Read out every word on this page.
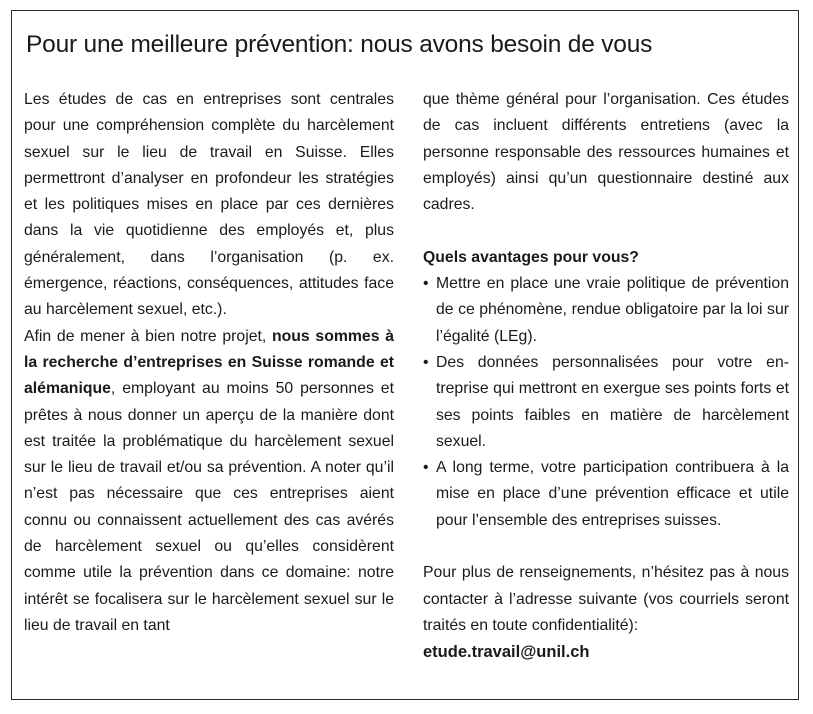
Pour une meilleure prévention: nous avons besoin de vous

Les études de cas en entreprises sont centrales pour une compréhension complète du harcèlement sexuel sur le lieu de travail en Suisse. Elles permettront d’analyser en profondeur les stratégies et les politiques mises en place par ces dernières dans la vie quotidienne des employés et, plus généralement, dans l’organisation (p. ex. émergence, réactions, conséquences, attitudes face au harcèlement sexuel, etc.).

Afin de mener à bien notre projet, nous sommes à la recherche d’entreprises en Suisse romande et alémanique, employant au moins 50 personnes et prêtes à nous donner un aperçu de la manière dont est traitée la problématique du harcèlement sexuel sur le lieu de travail et/ou sa prévention. A noter qu’il n’est pas nécessaire que ces entreprises aient connu ou connaissent actuellement des cas avérés de harcèlement sexuel ou qu’elles considèrent comme utile la prévention dans ce domaine: notre intérêt se focalisera sur le harcèlement sexuel sur le lieu de travail en tant

que thème général pour l’organisation. Ces études de cas incluent différents entretiens (avec la personne responsable des ressources humaines et employés) ainsi qu’un questionnaire destiné aux cadres.

Quels avantages pour vous?

• Mettre en place une vraie politique de prévention de ce phénomène, rendue obligatoire par la loi sur l’égalité (LEg).
• Des données personnalisées pour votre entreprise qui mettront en exergue ses points forts et ses points faibles en matière de harcèlement sexuel.
• A long terme, votre participation contribuera à la mise en place d’une prévention efficace et utile pour l’ensemble des entreprises suisses.

Pour plus de renseignements, n’hésitez pas à nous contacter à l’adresse suivante (vos courriels seront traités en toute confidentialité):

etude.travail@unil.ch
